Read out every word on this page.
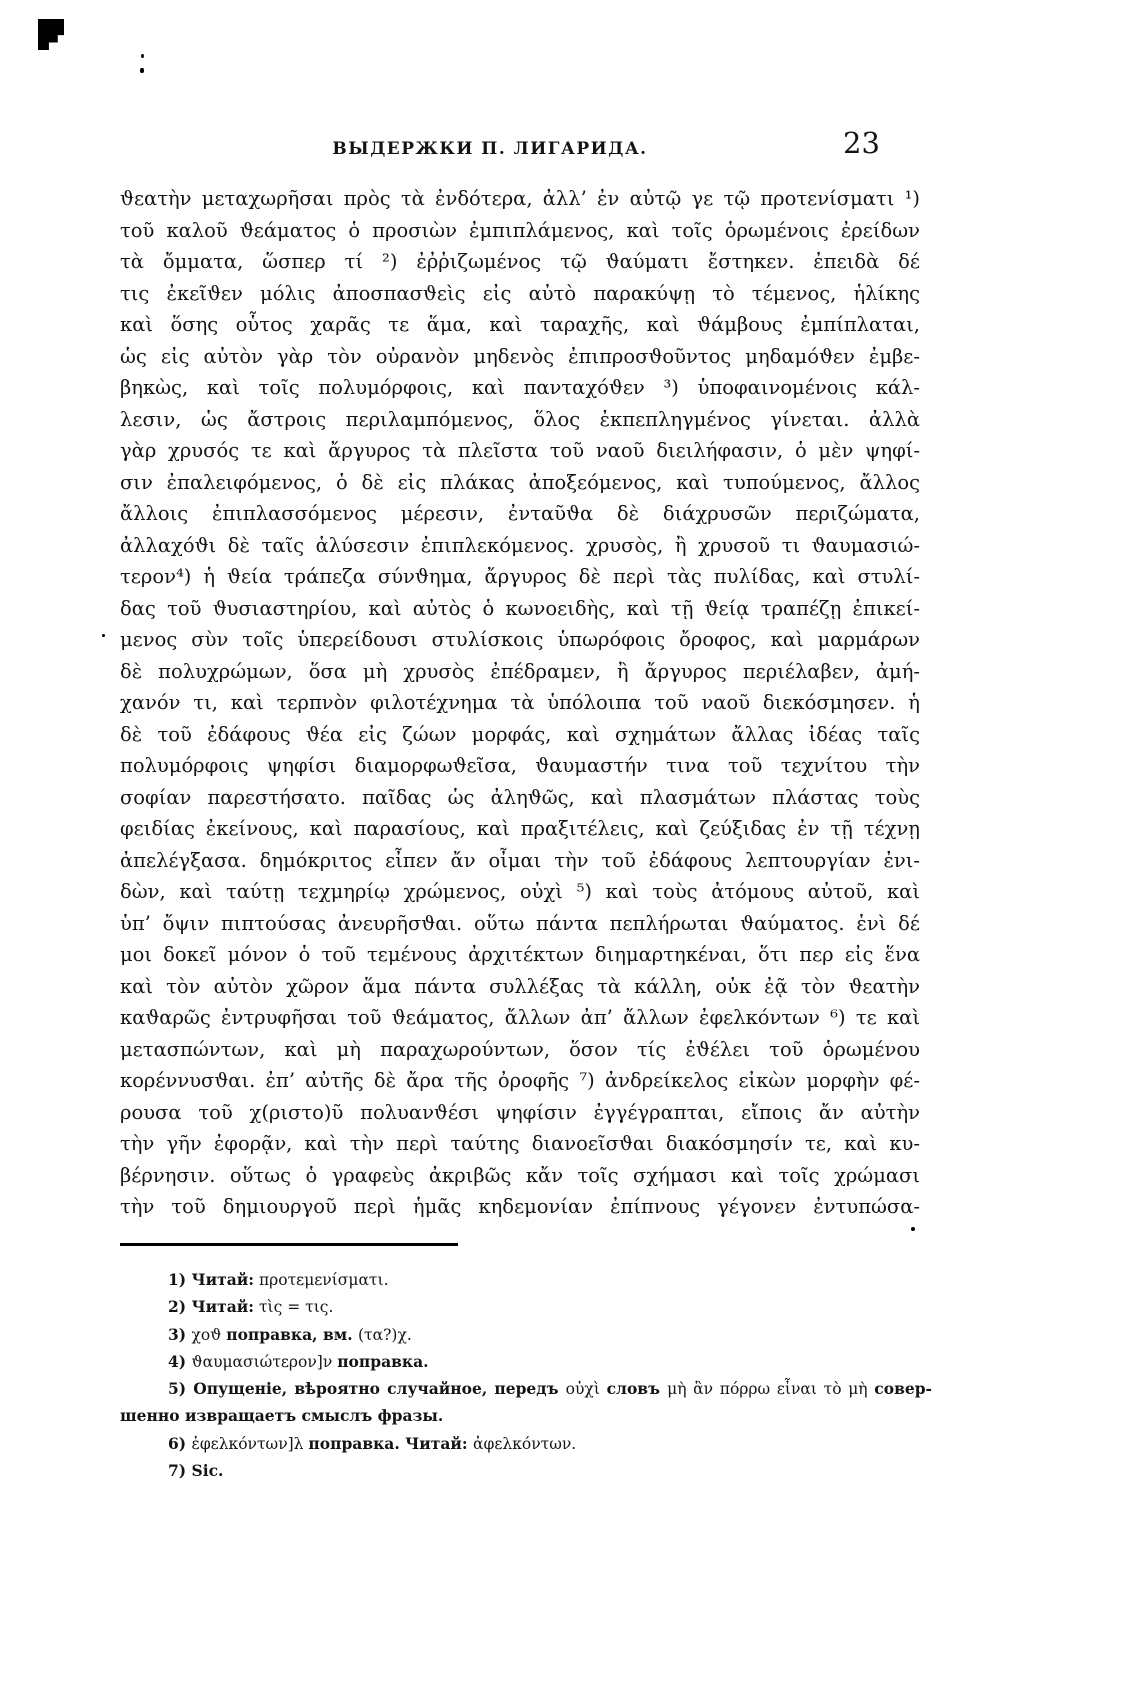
ВЫДЕРЖКИ П. ЛИГАРИДА.	23
ϑεατὴν μεταχωρῆσαι πρὸς τὰ ἐνδότερα, ἀλλ’ ἐν αὐτῷ γε τῷ προτενίσματι ¹)
τοῦ καλοῦ ϑεάματος ὁ προσιὼν ἐμπιπλάμενος, καὶ τοῖς ὁρωμένοις ἐρείδων
τὰ ὄμματα, ὥσπερ τί ²) ἐῤῥιζωμένος τῷ ϑαύματι ἔστηκεν. ἐπειδὰ δέ
τις ἐκεῖϑεν μόλις ἀποσπασϑεὶς εἰς αὐτὸ παρακύψῃ τὸ τέμενος, ἡλίκης
καὶ ὅσης οὗτος χαρᾶς τε ἅμα, καὶ ταραχῆς, καὶ ϑάμβους ἐμπίπλαται,
ὡς εἰς αὐτὸν γὰρ τὸν οὐρανὸν μηδενὸς ἐπιπροσϑοῦντος μηδαμόϑεν ἐμβε-
βηκὼς, καὶ τοῖς πολυμόρφοις, καὶ πανταχόϑεν ³) ὑποφαινομένοις κάλ-
λεσιν, ὡς ἄστροις περιλαμπόμενος, ὅλος ἐκπεπληγμένος γίνεται. ἀλλὰ
γὰρ χρυσός τε καὶ ἄργυρος τὰ πλεῖστα τοῦ ναοῦ διειλήφασιν, ὁ μὲν ψηφί-
σιν ἐπαλειφόμενος, ὁ δὲ εἰς πλάκας ἀποξεόμενος, καὶ τυπούμενος, ἄλλος
ἄλλοις ἐπιπλασσόμενος μέρεσιν, ἐνταῦϑα δὲ διάχρυσῶν περιζώματα,
ἀλλαχόϑι δὲ ταῖς ἁλύσεσιν ἐπιπλεκόμενος. χρυσὸς, ἢ χρυσοῦ τι ϑαυμασιώ-
τερον⁴) ἡ ϑεία τράπεζα σύνϑημα, ἄργυρος δὲ περὶ τὰς πυλίδας, καὶ στυλί-
δας τοῦ ϑυσιαστηρίου, καὶ αὐτὸς ὁ κωνοειδὴς, καὶ τῇ ϑείᾳ τραπέζῃ ἐπικεί-
μενος σὺν τοῖς ὑπερείδουσι στυλίσκοις ὑπωρόφοις ὄροφος, καὶ μαρμάρων
δὲ πολυχρώμων, ὅσα μὴ χρυσὸς ἐπέδραμεν, ἢ ἄργυρος περιέλαβεν, ἀμή-
χανόν τι, καὶ τερπνὸν φιλοτέχνημα τὰ ὑπόλοιπα τοῦ ναοῦ διεκόσμησεν. ἡ
δὲ τοῦ ἐδάφους ϑέα εἰς ζώων μορφάς, καὶ σχημάτων ἄλλας ἰδέας ταῖς
πολυμόρφοις ψηφίσι διαμορφωϑεῖσα, ϑαυμαστήν τινα τοῦ τεχνίτου τὴν
σοφίαν παρεστήσατο. παῖδας ὡς ἀληϑῶς, καὶ πλασμάτων πλάστας τοὺς
φειδίας ἐκείνους, καὶ παρασίους, καὶ πραξιτέλεις, καὶ ζεύξιδας ἐν τῇ τέχνῃ
ἀπελέγξασα. δημόκριτος εἶπεν ἄν οἶμαι τὴν τοῦ ἐδάφους λεπτουργίαν ἐνι-
δὼν, καὶ ταύτῃ τεχμηρίῳ χρώμενος, οὐχὶ ⁵) καὶ τοὺς ἀτόμους αὐτοῦ, καὶ
ὑπ’ ὄψιν πιπτούσας ἀνευρῆσϑαι. οὕτω πάντα πεπλήρωται ϑαύματος. ἑνὶ δέ
μοι δοκεῖ μόνον ὁ τοῦ τεμένους ἀρχιτέκτων διημαρτηκέναι, ὅτι περ εἰς ἕνα
καὶ τὸν αὐτὸν χῶρον ἅμα πάντα συλλέξας τὰ κάλλη, οὐκ ἐᾷ τὸν ϑεατὴν
καϑαρῶς ἐντρυφῆσαι τοῦ ϑεάματος, ἄλλων ἀπ’ ἄλλων ἐφελκόντων ⁶) τε καὶ
μετασπώντων, καὶ μὴ παραχωρούντων, ὅσον τίς ἐϑέλει τοῦ ὁρωμένου
κορέννυσϑαι. ἐπ’ αὐτῆς δὲ ἄρα τῆς ὀροφῆς ⁷) ἀνδρείκελος εἰκὼν μορφὴν φέ-
ρουσα τοῦ χ(ριστο)ῦ πολυανϑέσι ψηφίσιν ἐγγέγραπται, εἴποις ἄν αὐτὴν
τὴν γῆν ἐφορᾷν, καὶ τὴν περὶ ταύτης διανοεῖσϑαι διακόσμησίν τε, καὶ κυ-
βέρνησιν. οὕτως ὁ γραφεὺς ἀκριβῶς κἄν τοῖς σχήμασι καὶ τοῖς χρώμασι
τὴν τοῦ δημιουργοῦ περὶ ἡμᾶς κηδεμονίαν ἐπίπνους γέγονεν ἐντυπώσα-
1) Читай: προτεμενίσματι.
2) Читай: τὶς = τις.
3) χοϑ поправка, вм. (τα?)χ.
4) ϑαυμασιώτερον]ν поправка.
5) Опущеніе, вѣроятно случайное, передъ οὐχὶ словъ μὴ ἂν πόρρω εἶναι τὸ μὴ совер-
шенно извращаетъ смыслъ фразы.
6) ἐφελκόντων]λ поправка. Читай: ἀφελκόντων.
7) Sic.
